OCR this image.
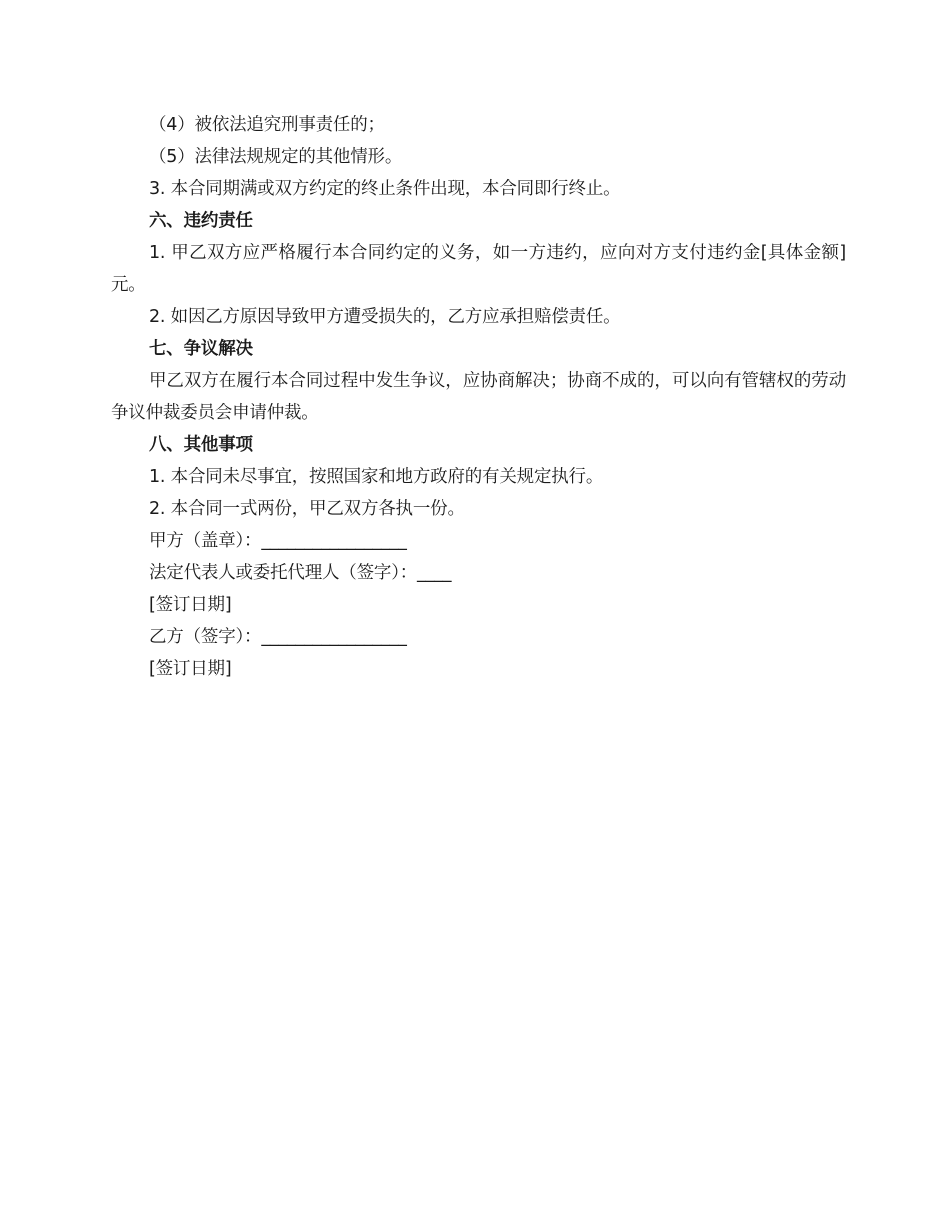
（4）被依法追究刑事责任的；
（5）法律法规规定的其他情形。
3. 本合同期满或双方约定的终止条件出现，本合同即行终止。
六、违约责任
1. 甲乙双方应严格履行本合同约定的义务，如一方违约，应向对方支付违约金[具体金额]元。
2. 如因乙方原因导致甲方遭受损失的，乙方应承担赔偿责任。
七、争议解决
甲乙双方在履行本合同过程中发生争议，应协商解决；协商不成的，可以向有管辖权的劳动争议仲裁委员会申请仲裁。
八、其他事项
1. 本合同未尽事宜，按照国家和地方政府的有关规定执行。
2. 本合同一式两份，甲乙双方各执一份。
甲方（盖章）：_________________
法定代表人或委托代理人（签字）：____
[签订日期]
乙方（签字）：_________________
[签订日期]
